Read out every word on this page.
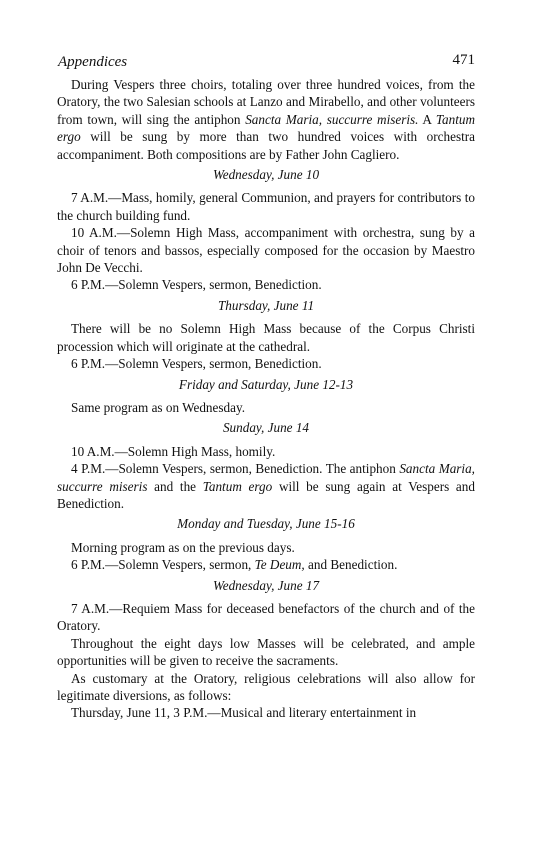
Appendices	471

During Vespers three choirs, totaling over three hundred voices, from the Oratory, the two Salesian schools at Lanzo and Mirabello, and other volunteers from town, will sing the antiphon Sancta Maria, succurre miseris. A Tantum ergo will be sung by more than two hundred voices with orchestra accompaniment. Both compositions are by Father John Cagliero.

Wednesday, June 10

7 A.M.—Mass, homily, general Communion, and prayers for contributors to the church building fund.

10 A.M.—Solemn High Mass, accompaniment with orchestra, sung by a choir of tenors and bassos, especially composed for the occasion by Maestro John De Vecchi.

6 P.M.—Solemn Vespers, sermon, Benediction.

Thursday, June 11

There will be no Solemn High Mass because of the Corpus Christi procession which will originate at the cathedral.

6 P.M.—Solemn Vespers, sermon, Benediction.

Friday and Saturday, June 12-13

Same program as on Wednesday.

Sunday, June 14

10 A.M.—Solemn High Mass, homily.

4 P.M.—Solemn Vespers, sermon, Benediction. The antiphon Sancta Maria, succurre miseris and the Tantum ergo will be sung again at Vespers and Benediction.

Monday and Tuesday, June 15-16

Morning program as on the previous days.

6 P.M.—Solemn Vespers, sermon, Te Deum, and Benediction.

Wednesday, June 17

7 A.M.—Requiem Mass for deceased benefactors of the church and of the Oratory.

Throughout the eight days low Masses will be celebrated, and ample opportunities will be given to receive the sacraments.

As customary at the Oratory, religious celebrations will also allow for legitimate diversions, as follows:

Thursday, June 11, 3 P.M.—Musical and literary entertainment in
